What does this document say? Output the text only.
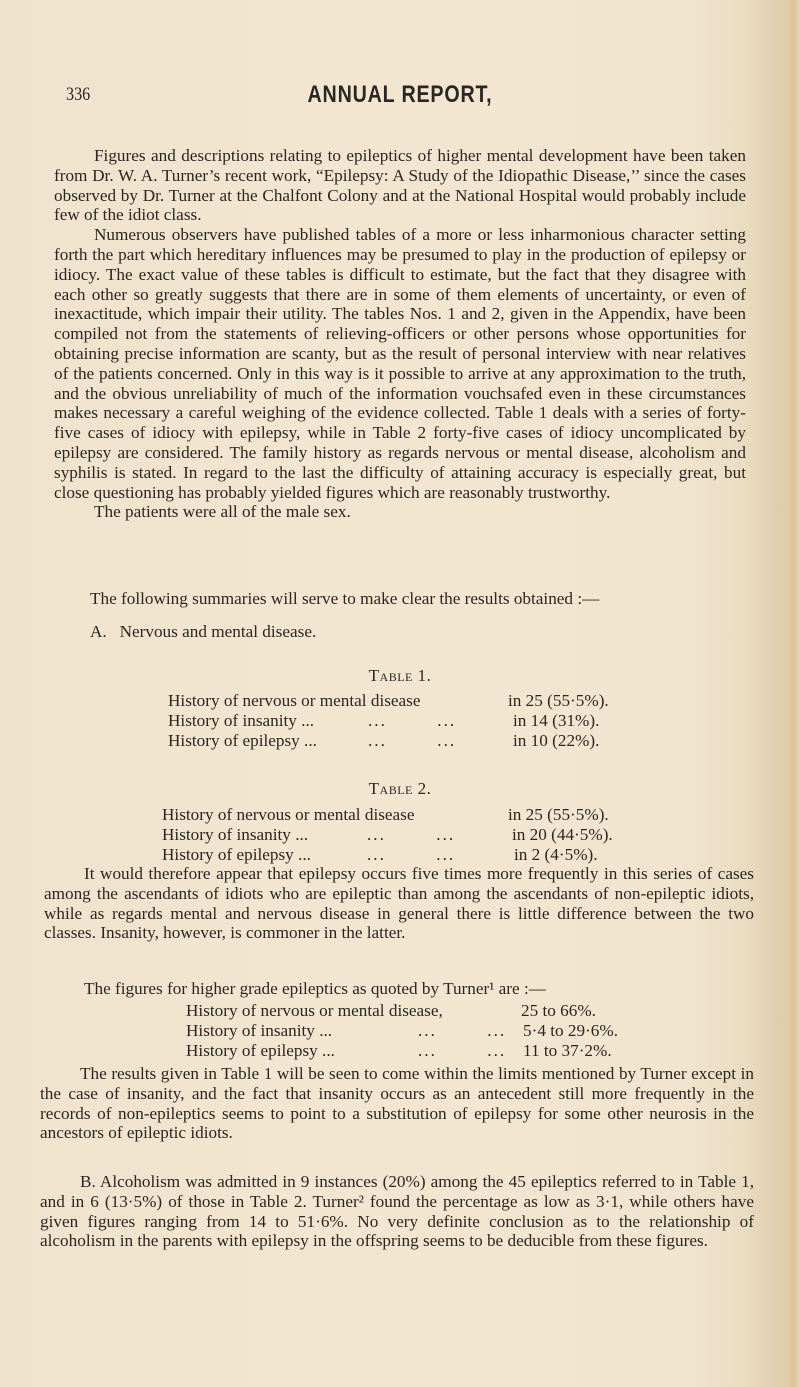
336	ANNUAL REPORT,

Figures and descriptions relating to epileptics of higher mental development have been taken from Dr. W. A. Turner’s recent work, “Epilepsy: A Study of the Idiopathic Disease,’’ since the cases observed by Dr. Turner at the Chalfont Colony and at the National Hospital would probably include few of the idiot class.

Numerous observers have published tables of a more or less inharmonious character setting forth the part which hereditary influences may be presumed to play in the production of epilepsy or idiocy. The exact value of these tables is difficult to estimate, but the fact that they disagree with each other so greatly suggests that there are in some of them elements of uncertainty, or even of inexactitude, which impair their utility. The tables Nos. 1 and 2, given in the Appendix, have been compiled not from the statements of relieving-officers or other persons whose opportunities for obtaining precise information are scanty, but as the result of personal interview with near relatives of the patients concerned. Only in this way is it possible to arrive at any approximation to the truth, and the obvious unreliability of much of the information vouchsafed even in these circumstances makes necessary a careful weighing of the evidence collected. Table 1 deals with a series of forty-five cases of idiocy with epilepsy, while in Table 2 forty-five cases of idiocy uncomplicated by epilepsy are considered. The family history as regards nervous or mental disease, alcoholism and syphilis is stated. In regard to the last the difficulty of attaining accuracy is especially great, but close questioning has probably yielded figures which are reasonably trustworthy.

The patients were all of the male sex.

The following summaries will serve to make clear the results obtained :—
A.   Nervous and mental disease.
Table 1.
History of nervous or mental disease	in 25 (55·5%).
History of insanity ...	...        ...	in 14 (31%).
History of epilepsy ...	...        ...	in 10 (22%).
Table 2.
History of nervous or mental disease	in 25 (55·5%).
History of insanity ...	...        ...	in 20 (44·5%).
History of epilepsy ...	...        ...	in 2 (4·5%).

It would therefore appear that epilepsy occurs five times more frequently in this series of cases among the ascendants of idiots who are epileptic than among the ascendants of non-epileptic idiots, while as regards mental and nervous disease in general there is little difference between the two classes. Insanity, however, is commoner in the latter.

The figures for higher grade epileptics as quoted by Turner¹ are :—
History of nervous or mental disease,	25 to 66%.
History of insanity ...	...        ... 5·4 to 29·6%.
History of epilepsy ...	...        ... 11 to 37·2%.

The results given in Table 1 will be seen to come within the limits mentioned by Turner except in the case of insanity, and the fact that insanity occurs as an antecedent still more frequently in the records of non-epileptics seems to point to a substitution of epilepsy for some other neurosis in the ancestors of epileptic idiots.

B. Alcoholism was admitted in 9 instances (20%) among the 45 epileptics referred to in Table 1, and in 6 (13·5%) of those in Table 2. Turner² found the percentage as low as 3·1, while others have given figures ranging from 14 to 51·6%. No very definite conclusion as to the relationship of alcoholism in the parents with epilepsy in the offspring seems to be deducible from these figures.
